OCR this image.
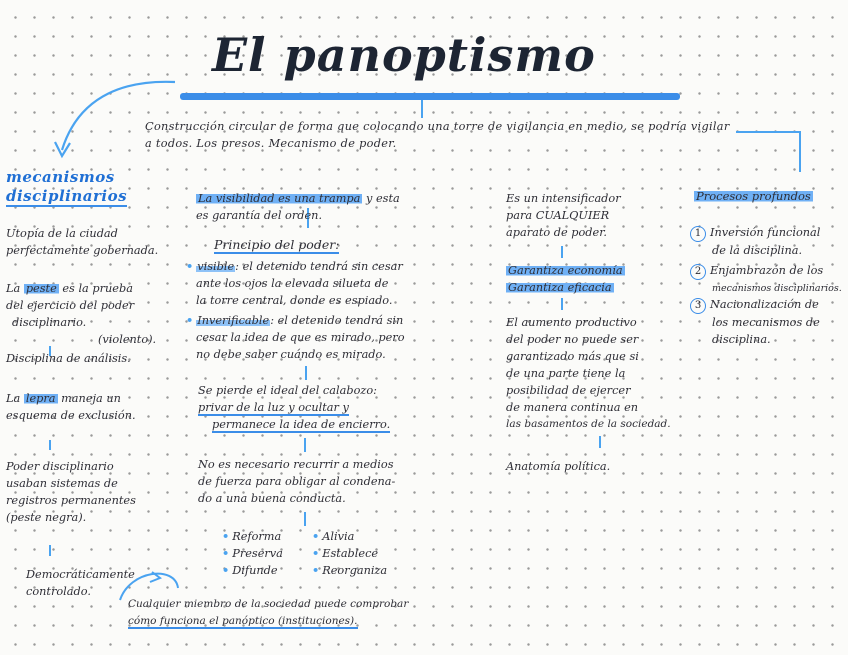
El panoptismo
Construcción circular de forma que colocando una torre de vigilancia en medio, se podría vigilar a todos. Los presos. Mecanismo de poder.
mecanismos
disciplinarios
Utopía de la ciudad
perfectamente gobernada.
La peste es la prueba
del ejercicio del poder
disciplinario.
(violento).
Disciplina de análisis.
La lepra maneja un
esquema de exclusión.
Poder disciplinario
usaban sistemas de
registros permanentes
(peste negra).
Democráticamente
controlado.
La visibilidad es una trampa y esta
es garantía del orden.
Principio del poder:
• visible: el detenido tendrá sin cesar
ante los ojos la elevada silueta de
la torre central, donde es espiado.
• Inverificable: el detenido tendrá sin
cesar la idea de que es mirado, pero
no debe saber cuándo es mirado.
Se pierde el ideal del calabozo:
privar de la luz y ocultar y
permanece la idea de encierro.
No es necesario recurrir a medios
de fuerza para obligar al condena-
do a una buena conducta.
• Reforma
• Preserva
• Difunde
• Alivia
• Establece
• Reorganiza
Cualquier miembro de la sociedad puede comprobar
cómo funciona el panóptico (instituciones).
Es un intensificador
para CUALQUIER
aparato de poder.
Garantiza economía
Garantiza eficacia
El aumento productivo
del poder no puede ser
garantizado más que si
de una parte tiene la
posibilidad de ejercer
de manera continua en
las basamentos de la sociedad.
Anatomía política.
Procesos profundos
1 Inversión funcional
de la disciplina.
2 Enjambrazón de los
mecanismos disciplinarios.
3 Nacionalización de
los mecanismos de
disciplina.
